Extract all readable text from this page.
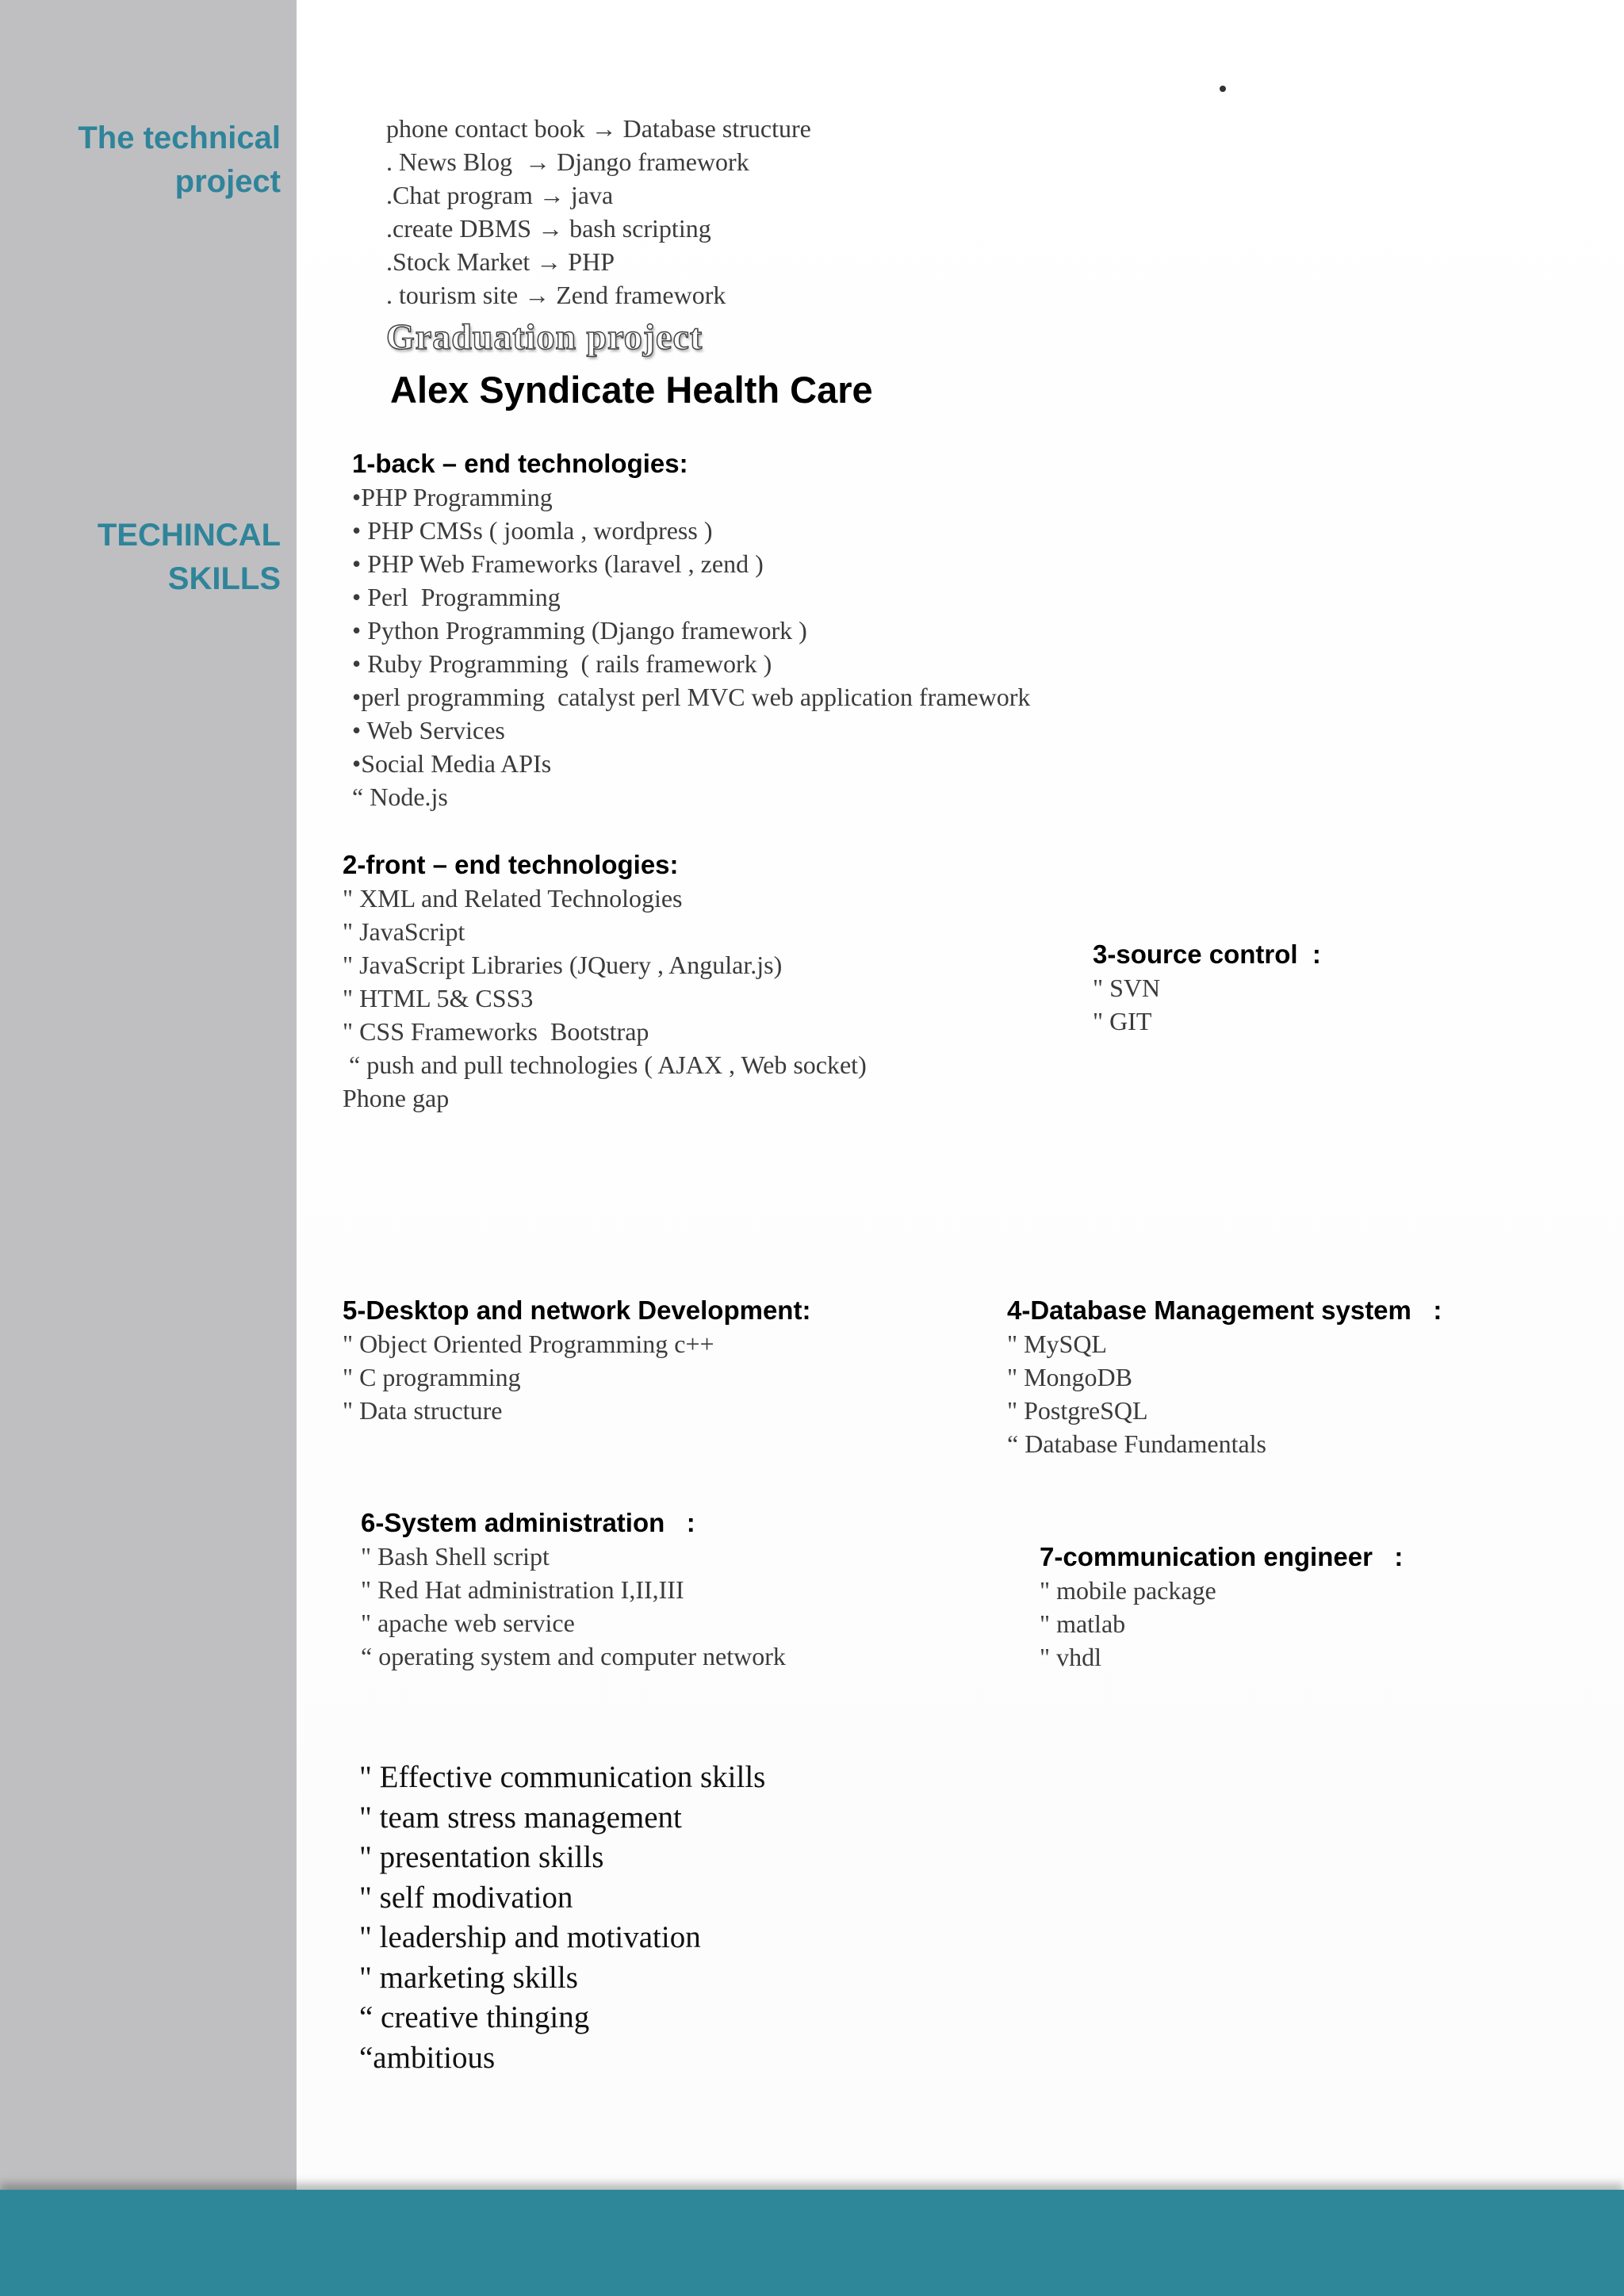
The technical
project
TECHINCAL
SKILLS
phone contact book → Database structure
. News Blog  → Django framework
.Chat program → java
.create DBMS → bash scripting
.Stock Market → PHP
. tourism site → Zend framework
Graduation project
Alex Syndicate Health Care
1-back – end technologies:
•PHP Programming
• PHP CMSs ( joomla , wordpress )
• PHP Web Frameworks (laravel , zend )
• Perl  Programming
• Python Programming (Django framework )
• Ruby Programming  ( rails framework )
•perl programming  catalyst perl MVC web application framework
• Web Services
•Social Media APIs
“ Node.js
2-front – end technologies:
" XML and Related Technologies
" JavaScript
" JavaScript Libraries (JQuery , Angular.js)
" HTML 5& CSS3
" CSS Frameworks  Bootstrap
“ push and pull technologies ( AJAX , Web socket)
Phone gap
3-source control  :
" SVN
" GIT
5-Desktop and network Development:
" Object Oriented Programming c++
" C programming
" Data structure
4-Database Management system   :
" MySQL
" MongoDB
" PostgreSQL
“ Database Fundamentals
6-System administration   :
" Bash Shell script
" Red Hat administration I,II,III
" apache web service
“ operating system and computer network
7-communication engineer   :
" mobile package
" matlab
" vhdl
" Effective communication skills
" team stress management
" presentation skills
" self modivation
" leadership and motivation
" marketing skills
“ creative thinging
“ambitious
